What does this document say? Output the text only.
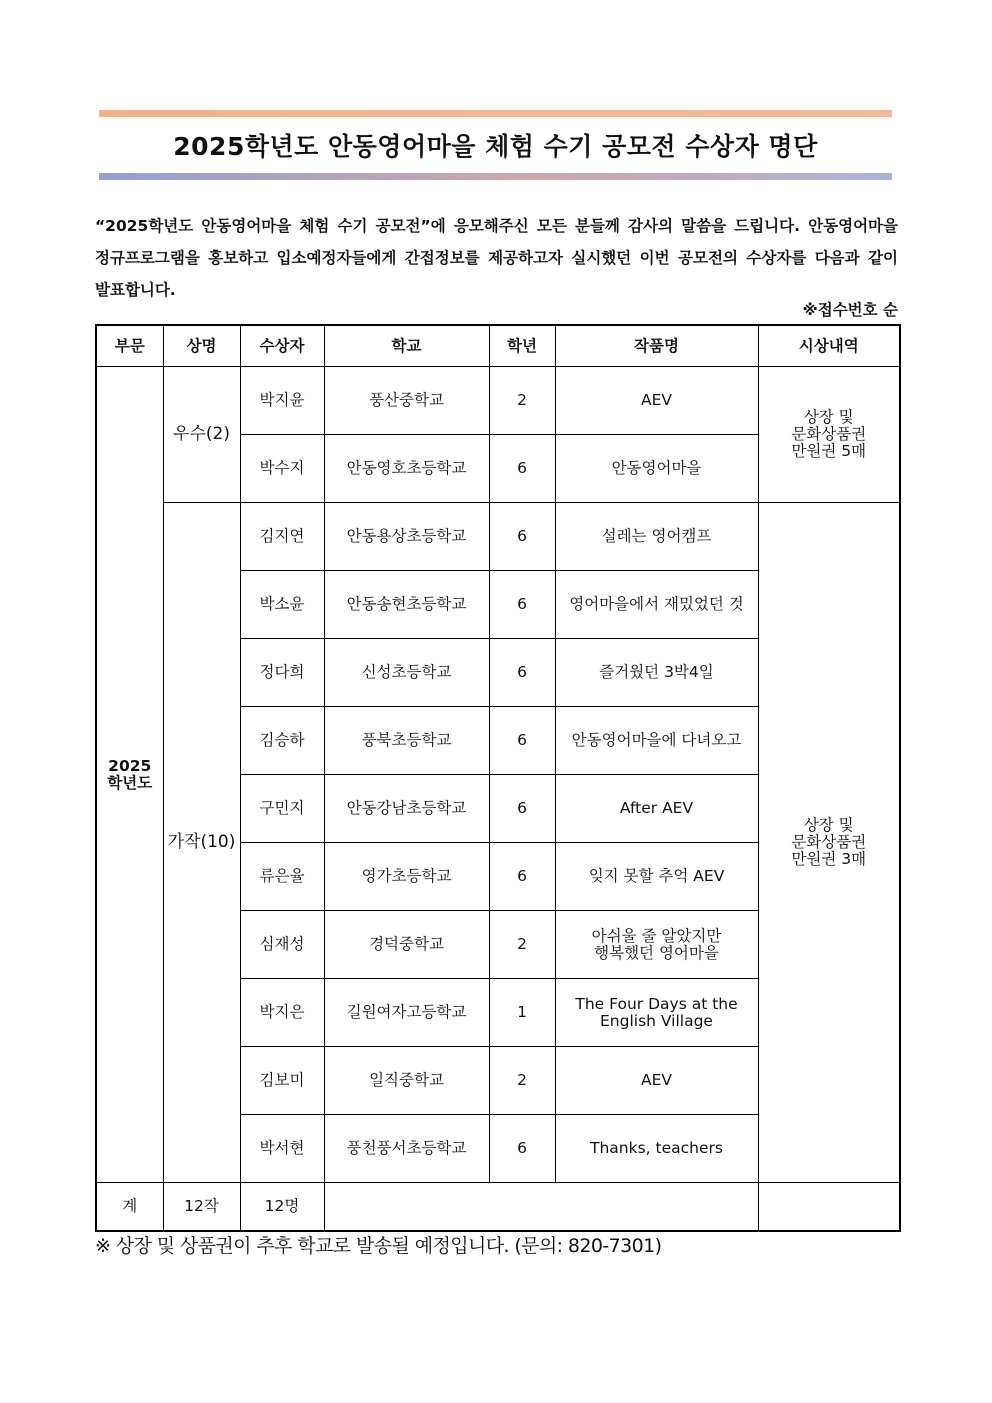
2025학년도 안동영어마을 체험 수기 공모전 수상자 명단
“2025학년도 안동영어마을 체험 수기 공모전”에 응모해주신 모든 분들께 감사의 말씀을 드립니다. 안동영어마을 정규프로그램을 홍보하고 입소예정자들에게 간접정보를 제공하고자 실시했던 이번 공모전의 수상자를 다음과 같이 발표합니다.
※접수번호 순
부문	상명	수상자	학교	학년	작품명	시상내역
2025
학년도	우수(2)	박지윤	풍산중학교	2	AEV	상장 및
문화상품권
만원권 5매
		박수지	안동영호초등학교	6	안동영어마을	
	가작(10)	김지연	안동용상초등학교	6	설레는 영어캠프	상장 및
문화상품권
만원권 3매
		박소윤	안동송현초등학교	6	영어마을에서 재밌었던 것	
		정다희	신성초등학교	6	즐거웠던 3박4일	
		김승하	풍북초등학교	6	안동영어마을에 다녀오고	
		구민지	안동강남초등학교	6	After AEV	
		류은율	영가초등학교	6	잊지 못할 추억 AEV	
		심재성	경덕중학교	2	아쉬울 줄 알았지만
행복했던 영어마을	
		박지은	길원여자고등학교	1	The Four Days at the
English Village	
		김보미	일직중학교	2	AEV	
		박서현	풍천풍서초등학교	6	Thanks, teachers	
계	12작	12명				
※ 상장 및 상품권이 추후 학교로 발송될 예정입니다. (문의: 820-7301)
